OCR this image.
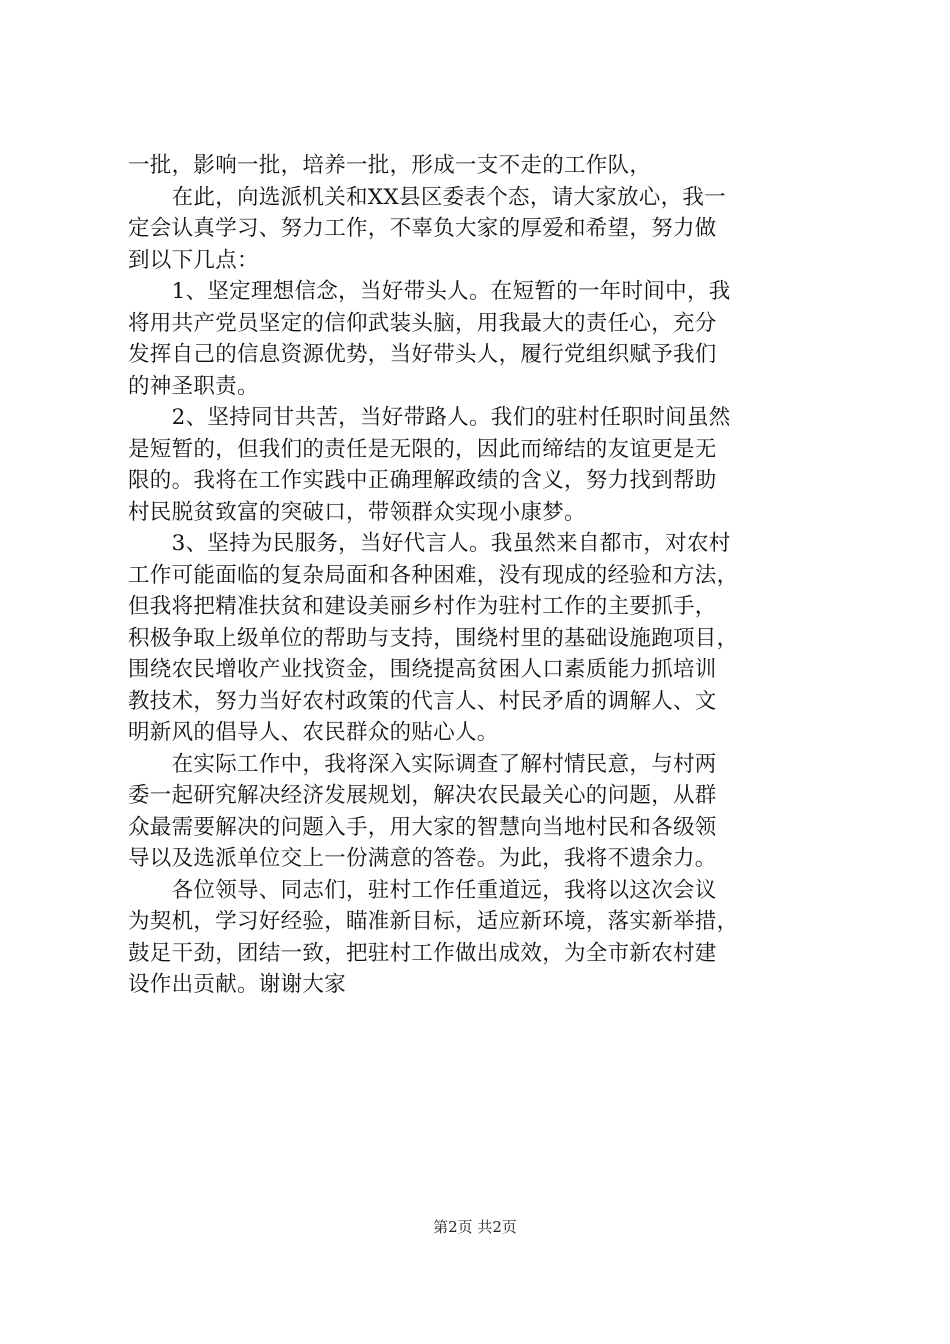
一批，影响一批，培养一批，形成一支不走的工作队，
　　在此，向选派机关和XX县区委表个态，请大家放心，我一
定会认真学习、努力工作，不辜负大家的厚爱和希望，努力做
到以下几点：
　　1、坚定理想信念，当好带头人。在短暂的一年时间中，我
将用共产党员坚定的信仰武装头脑，用我最大的责任心，充分
发挥自己的信息资源优势，当好带头人，履行党组织赋予我们
的神圣职责。
　　2、坚持同甘共苦，当好带路人。我们的驻村任职时间虽然
是短暂的，但我们的责任是无限的，因此而缔结的友谊更是无
限的。我将在工作实践中正确理解政绩的含义，努力找到帮助
村民脱贫致富的突破口，带领群众实现小康梦。
　　3、坚持为民服务，当好代言人。我虽然来自都市，对农村
工作可能面临的复杂局面和各种困难，没有现成的经验和方法，
但我将把精准扶贫和建设美丽乡村作为驻村工作的主要抓手，
积极争取上级单位的帮助与支持，围绕村里的基础设施跑项目，
围绕农民增收产业找资金，围绕提高贫困人口素质能力抓培训
教技术，努力当好农村政策的代言人、村民矛盾的调解人、文
明新风的倡导人、农民群众的贴心人。
　　在实际工作中，我将深入实际调查了解村情民意，与村两
委一起研究解决经济发展规划，解决农民最关心的问题，从群
众最需要解决的问题入手，用大家的智慧向当地村民和各级领
导以及选派单位交上一份满意的答卷。为此，我将不遗余力。
　　各位领导、同志们，驻村工作任重道远，我将以这次会议
为契机，学习好经验，瞄准新目标，适应新环境，落实新举措，
鼓足干劲，团结一致，把驻村工作做出成效，为全市新农村建
设作出贡献。谢谢大家
第2页 共2页
